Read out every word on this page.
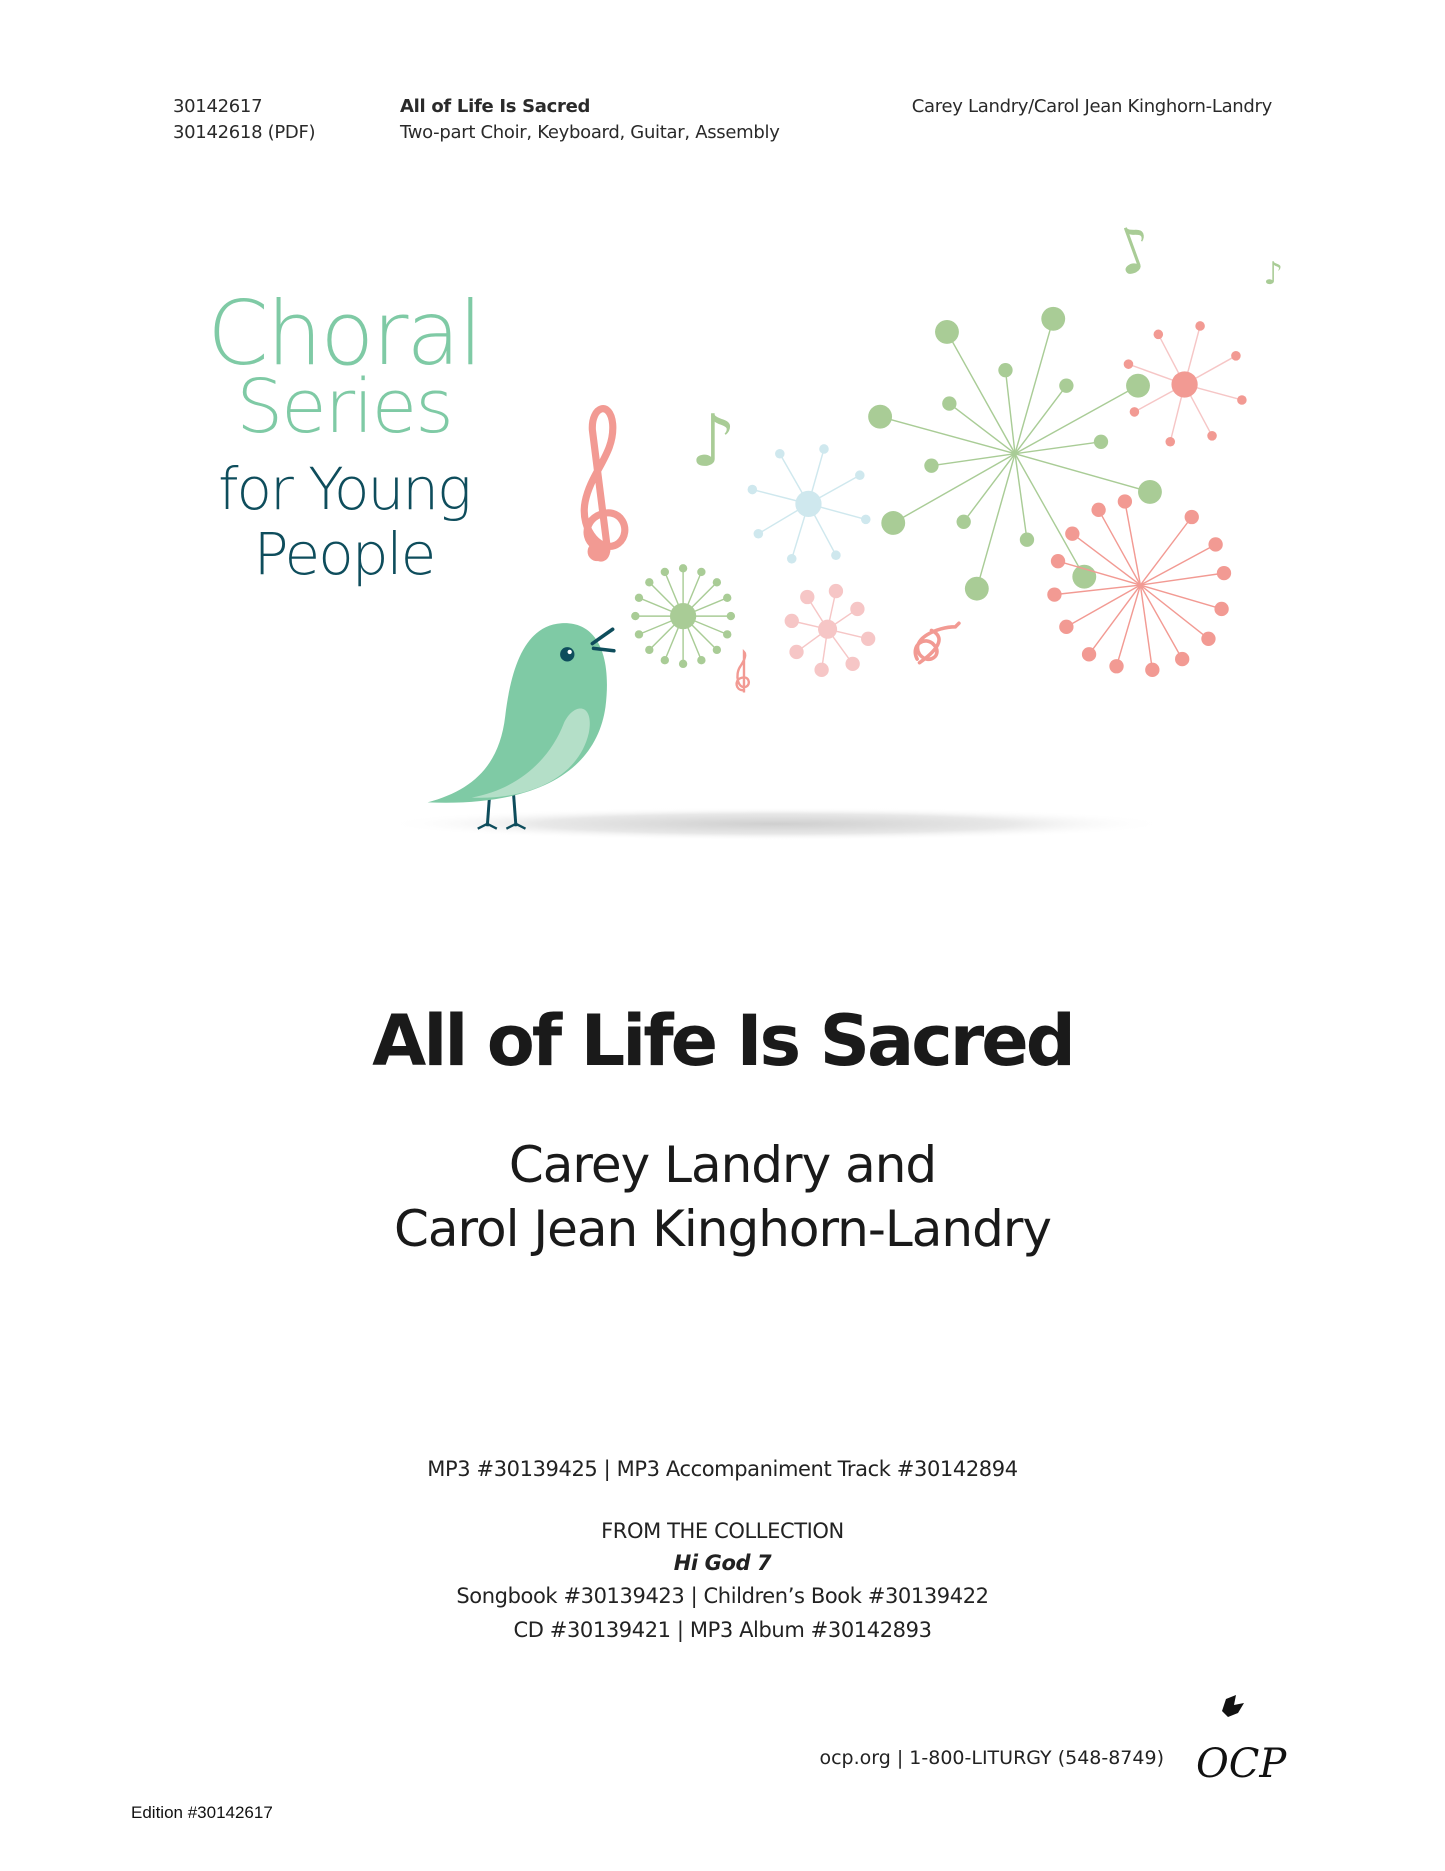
♪
♪	♪
30142617
30142618 (PDF)
All of Life Is Sacred
Two-part Choir, Keyboard, Guitar, Assembly
Carey Landry/Carol Jean Kinghorn-Landry
Choral
Series
for Young
People
All of Life Is Sacred
Carey Landry and
Carol Jean Kinghorn-Landry
MP3 #30139425 | MP3 Accompaniment Track #30142894
FROM THE COLLECTION
Hi God 7
Songbook #30139423 | Children’s Book #30139422
CD #30139421 | MP3 Album #30142893
ocp.org | 1-800-LITURGY (548-8749) OCP
Edition #30142617
